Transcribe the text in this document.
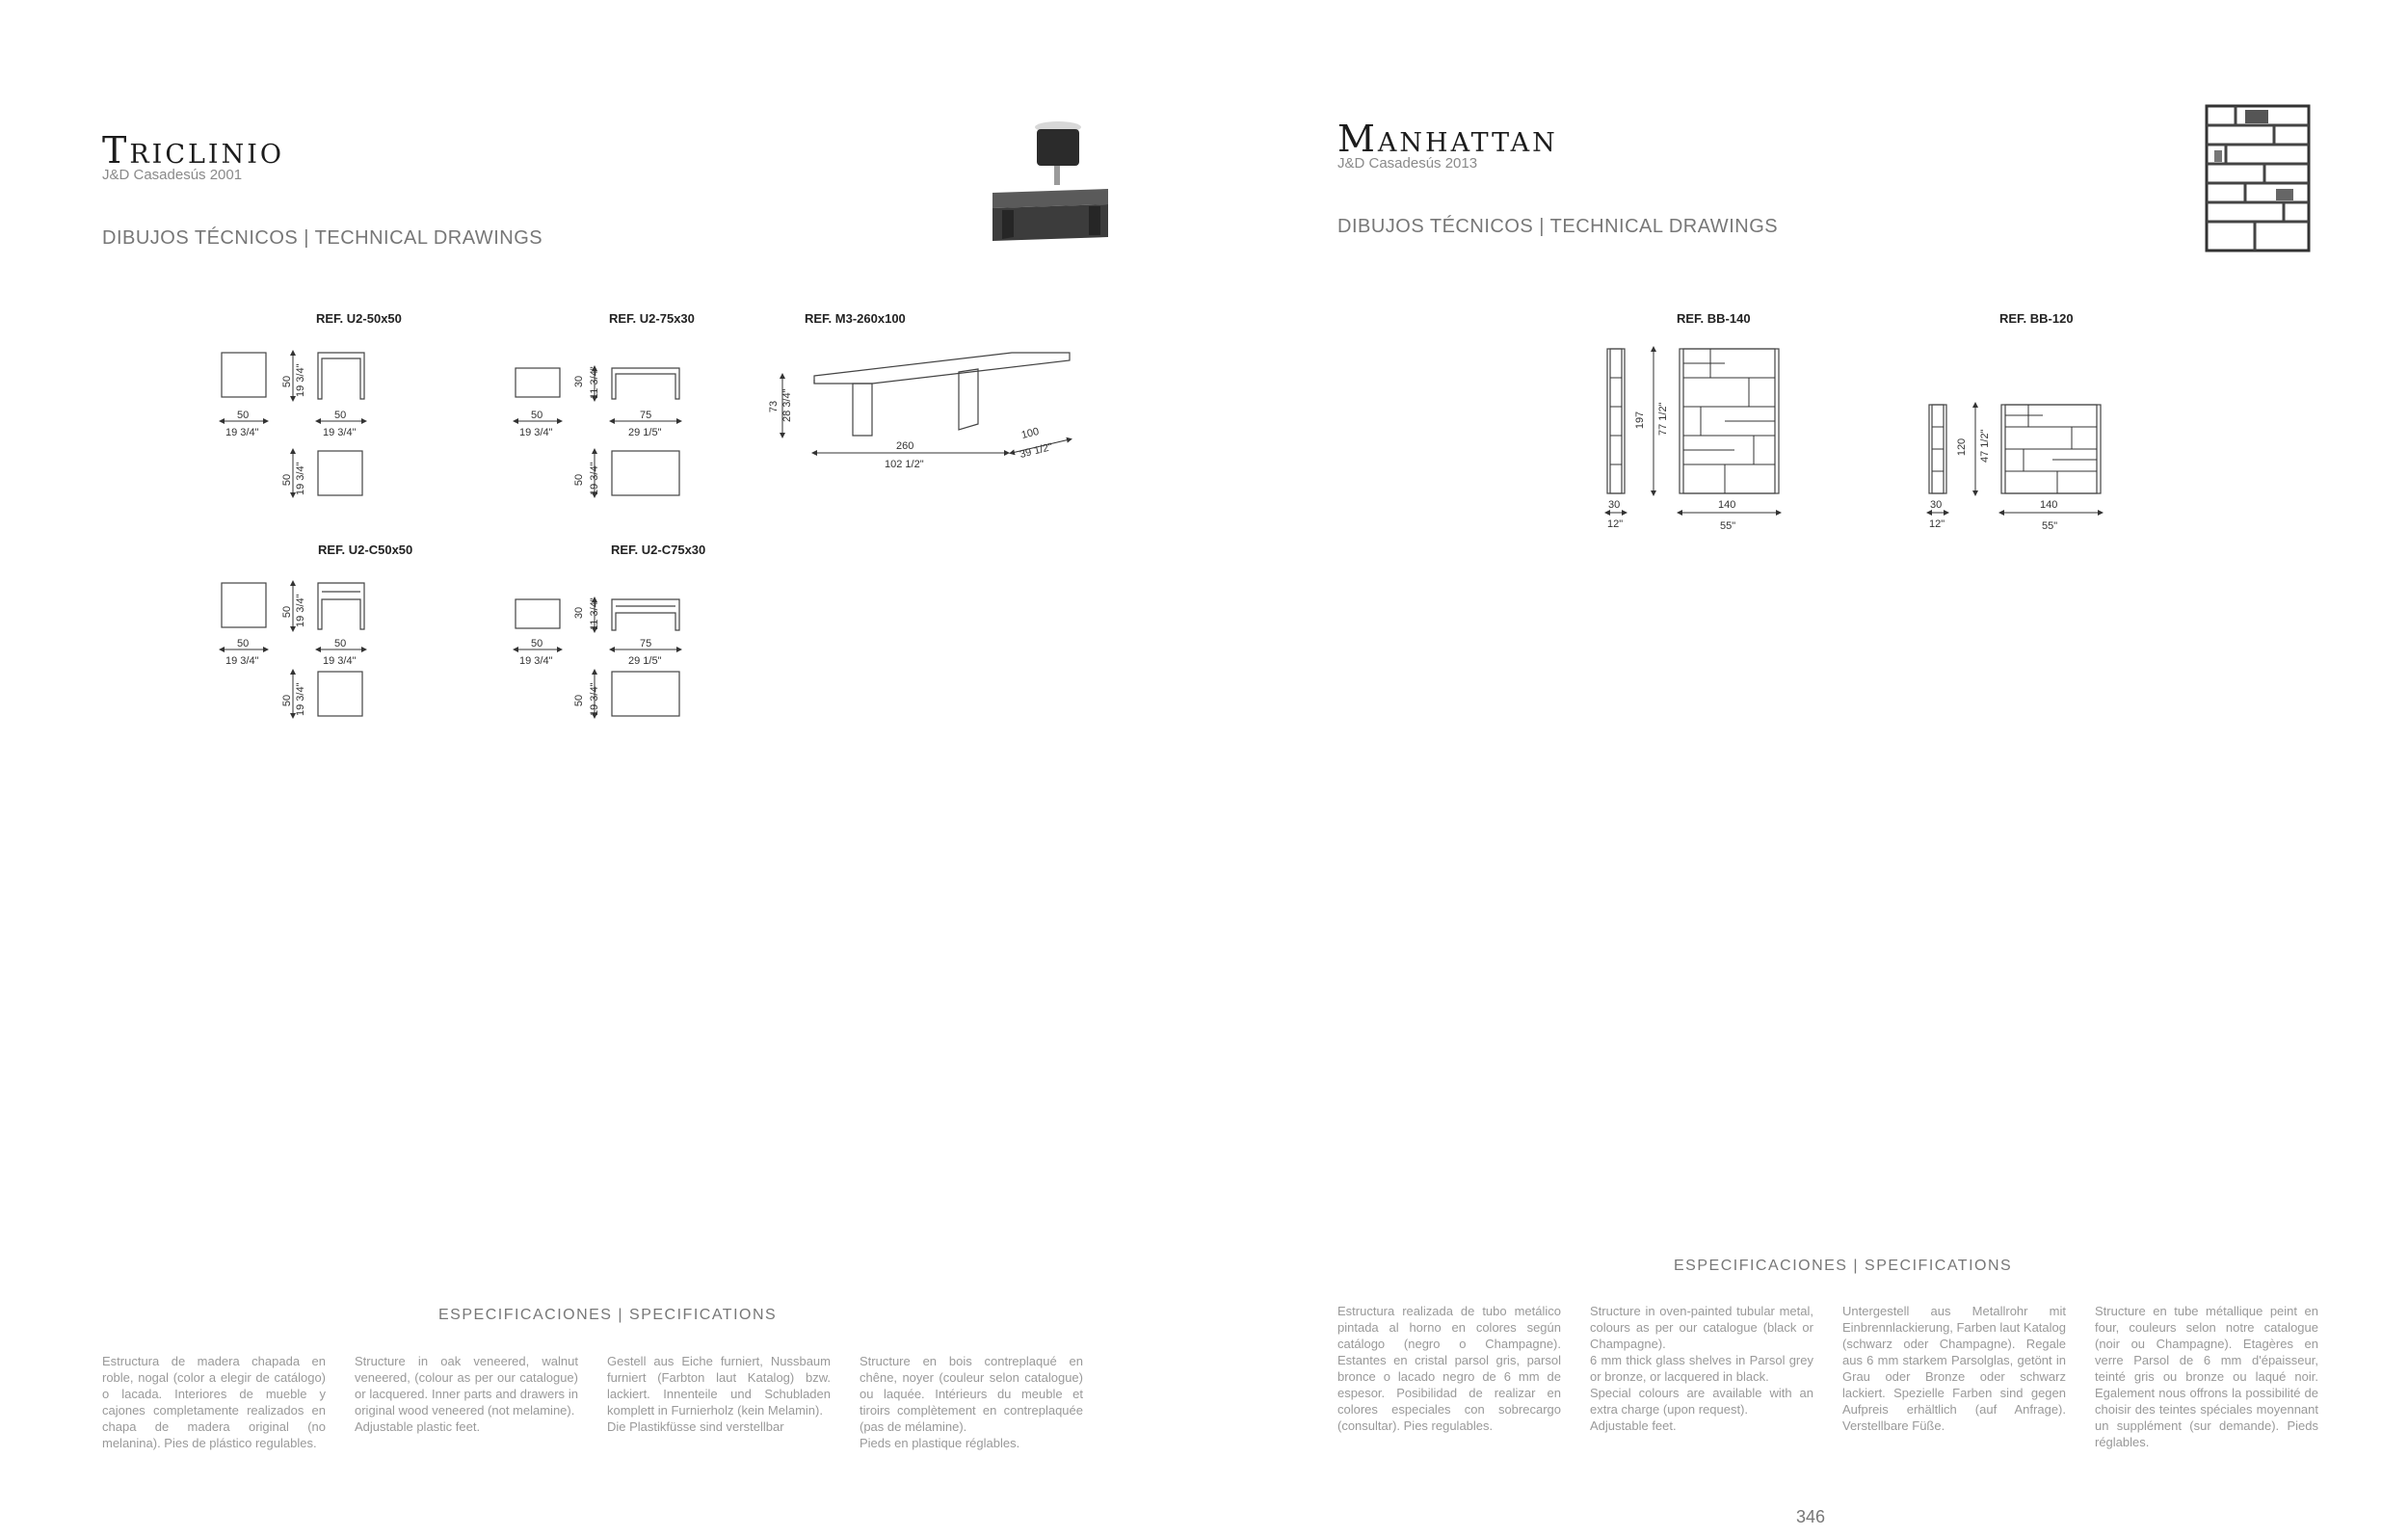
Triclinio
J&D Casadesús 2001
DIBUJOS TÉCNICOS | TECHNICAL DRAWINGS
REF. U2-50x50	REF. U2-75x30	REF. M3-260x100
REF. U2-C50x50	REF. U2-C75x30
50 19 3/4"
50
19 3/4"
50
19 3/4"
50 19 3/4"
30 11 3/4"
50
19 3/4"
75
29 1/5"
50 19 3/4"
73 28 3/4"
260
102 1/2"
100
39 1/2"
50 19 3/4"
50
19 3/4"
50
19 3/4"
50 19 3/4"
30 11 3/4"
50
19 3/4"
75
29 1/5"
50 19 3/4"
ESPECIFICACIONES | SPECIFICATIONS
Estructura de madera chapada en roble, nogal (color a elegir de catálogo) o lacada. Interiores de mueble y cajones completamente realizados en chapa de madera original (no melanina). Pies de plástico regulables.
Structure in oak veneered, walnut veneered, (colour as per our catalogue) or lacquered. Inner parts and drawers in original wood veneered (not melamine).
Adjustable plastic feet.
Gestell aus Eiche furniert, Nussbaum furniert (Farbton laut Katalog) bzw. lackiert. Innenteile und Schubladen komplett in Furnierholz (kein Melamin).
Die Plastikfüsse sind verstellbar
Structure en bois contreplaqué en chêne, noyer (couleur selon catalogue) ou laquée. Intérieurs du meuble et tiroirs complètement en contreplaquée (pas de mélamine).
Pieds en plastique réglables.
Manhattan
J&D Casadesús 2013
DIBUJOS TÉCNICOS | TECHNICAL DRAWINGS
REF. BB-140	REF. BB-120
197 77 1/2"
30
12"
140
55"
120 47 1/2"
30
12"
140
55"
ESPECIFICACIONES | SPECIFICATIONS
Estructura realizada de tubo metálico pintada al horno en colores según catálogo (negro o Champagne). Estantes en cristal parsol gris, parsol bronce o lacado negro de 6 mm de espesor. Posibilidad de realizar en colores especiales con sobrecargo (consultar). Pies regulables.
Structure in oven-painted tubular metal, colours as per our catalogue (black or Champagne).
6 mm thick glass shelves in Parsol grey or bronze, or lacquered in black.
Special colours are available with an extra charge (upon request).
Adjustable feet.
Untergestell aus Metallrohr mit Einbrennlackierung, Farben laut Katalog (schwarz oder Champagne). Regale aus 6 mm starkem Parsolglas, getönt in Grau oder Bronze oder schwarz lackiert. Spezielle Farben sind gegen Aufpreis erhältlich (auf Anfrage). Verstellbare Füße.
Structure en tube métallique peint en four, couleurs selon notre catalogue (noir ou Champagne). Etagères en verre Parsol de 6 mm d'épaisseur, teinté gris ou bronze ou laqué noir. Egalement nous offrons la possibilité de choisir des teintes spéciales moyennant un supplément (sur demande). Pieds réglables.
346
